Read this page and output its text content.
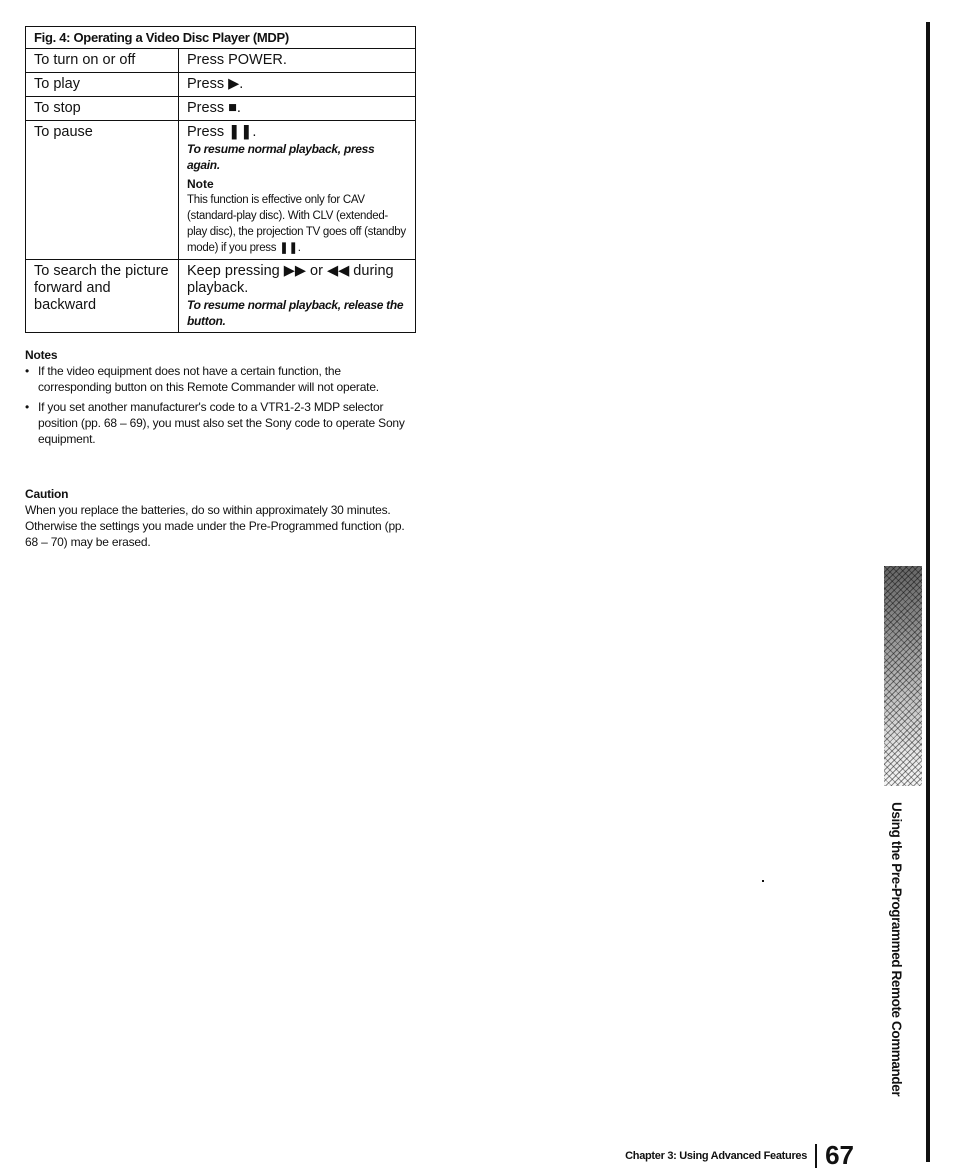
Fig. 4: Operating a Video Disc Player (MDP)	
To turn on or off	Press POWER.
To play	Press ▶.
To stop	Press ■.
To pause	Press ❚❚.
To resume normal playback, press again.
Note
This function is effective only for CAV (standard-play disc). With CLV (extended-play disc), the projection TV goes off (standby mode) if you press ❚❚.

To search the picture forward and backward	Keep pressing ▶▶ or ◀◀ during playback.
To resume normal playback, release the button.
Notes
• If the video equipment does not have a certain function, the corresponding button on this Remote Commander will not operate.
• If you set another manufacturer's code to a VTR1-2-3 MDP selector position (pp. 68 – 69), you must also set the Sony code to operate Sony equipment.
Caution
When you replace the batteries, do so within approximately 30 minutes. Otherwise the settings you made under the Pre-Programmed function (pp. 68 – 70) may be erased.
Using the Pre-Programmed Remote Commander
Chapter 3: Using Advanced Features 67
